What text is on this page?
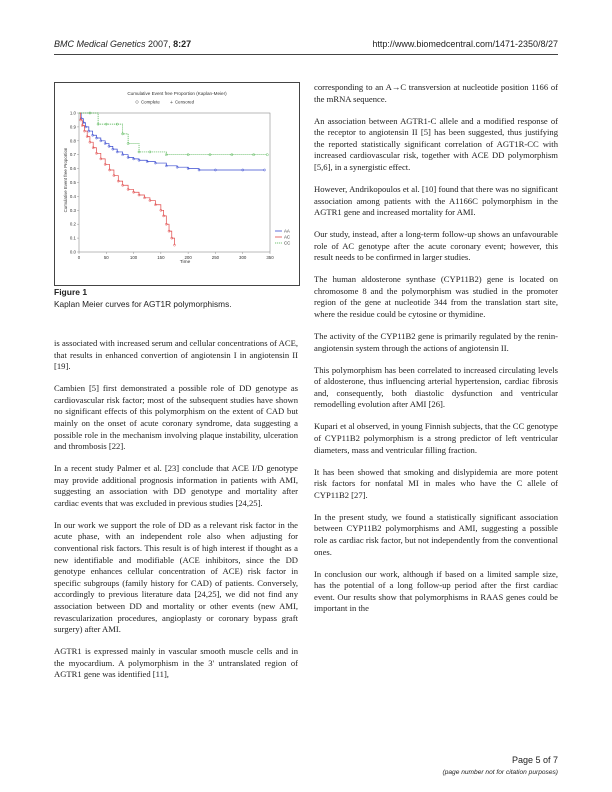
BMC Medical Genetics 2007, 8:27	http://www.biomedcentral.com/1471-2350/8/27
Cumulative Event free Proportion (Kaplan-Meier)
Complete + Censored
0.0
0.1
0.2
0.3
0.4
0.5
0.6
0.7
0.8
0.9
1.0
0	50	100	150	200	250	300	350
AA
AC
CC
Time
Cumulative Event free Proportion
Figure 1
Kaplan Meier curves for AGT1R polymorphisms.

is associated with increased serum and cellular concentrations of ACE, that results in enhanced convertion of angiotensin I in angiotensin II [19].

Cambien [5] first demonstrated a possible role of DD genotype as cardiovascular risk factor; most of the subsequent studies have shown no significant effects of this polymorphism on the extent of CAD but mainly on the onset of acute coronary syndrome, data suggesting a possible role in the mechanism involving plaque instability, ulceration and thrombosis [22].

In a recent study Palmer et al. [23] conclude that ACE I/D genotype may provide additional prognosis information in patients with AMI, suggesting an association with DD genotype and mortality after cardiac events that was excluded in previous studies [24,25].

In our work we support the role of DD as a relevant risk factor in the acute phase, with an independent role also when adjusting for conventional risk factors. This result is of high interest if thought as a new identifiable and modifiable (ACE inhibitors, since the DD genotype enhances cellular concentration of ACE) risk factor in specific subgroups (family history for CAD) of patients. Conversely, accordingly to previous literature data [24,25], we did not find any association between DD and mortality or other events (new AMI, revascularization procedures, angioplasty or coronary bypass graft surgery) after AMI.

AGTR1 is expressed mainly in vascular smooth muscle cells and in the myocardium. A polymorphism in the 3' untranslated region of AGTR1 gene was identified [11],

corresponding to an A→C transversion at nucleotide position 1166 of the mRNA sequence.

An association between AGTR1-C allele and a modified response of the receptor to angiotensin II [5] has been suggested, thus justifying the reported statistically significant correlation of AGT1R-CC with increased cardiovascular risk, together with ACE DD polymorphism [5,6], in a synergistic effect.

However, Andrikopoulos et al. [10] found that there was no significant association among patients with the A1166C polymorphism in the AGTR1 gene and increased mortality for AMI.

Our study, instead, after a long-term follow-up shows an unfavourable role of AC genotype after the acute coronary event; however, this result needs to be confirmed in larger studies.

The human aldosterone synthase (CYP11B2) gene is located on chromosome 8 and the polymorphism was studied in the promoter region of the gene at nucleotide 344 from the translation start site, where the residue could be cytosine or thymidine.

The activity of the CYP11B2 gene is primarily regulated by the renin-angiotensin system through the actions of angiotensin II.

This polymorphism has been correlated to increased circulating levels of aldosterone, thus influencing arterial hypertension, cardiac fibrosis and, consequently, both diastolic dysfunction and ventricular remodelling evolution after AMI [26].

Kupari et al observed, in young Finnish subjects, that the CC genotype of CYP11B2 polymorphism is a strong predictor of left ventricular diameters, mass and ventricular filling fraction.

It has been showed that smoking and dislypidemia are more potent risk factors for nonfatal MI in males who have the C allele of CYP11B2 [27].

In the present study, we found a statistically significant association between CYP11B2 polymorphisms and AMI, suggesting a possible role as cardiac risk factor, but not independently from the conventional ones.

In conclusion our work, although if based on a limited sample size, has the potential of a long follow-up period after the first cardiac event. Our results show that polymorphisms in RAAS genes could be important in the

Page 5 of 7
(page number not for citation purposes)
